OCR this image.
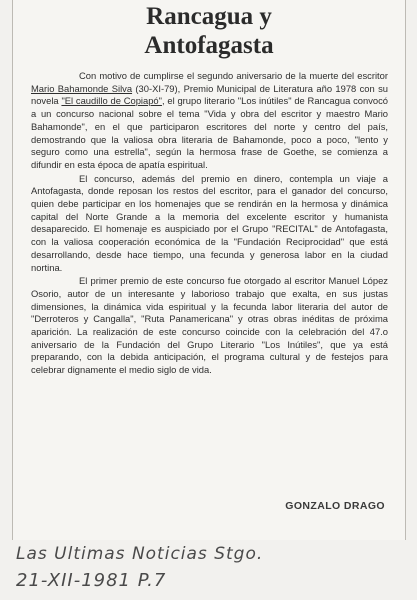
Rancagua y
Antofagasta

Con motivo de cumplirse el segundo aniversario de la muerte del escritor Mario Bahamonde Silva (30-XI-79), Premio Municipal de Literatura año 1978 con su novela "El caudillo de Copiapó", el grupo literario "Los inútiles" de Rancagua convocó a un concurso nacional sobre el tema "Vida y obra del escritor y maestro Mario Bahamonde", en el que participaron escritores del norte y centro del país, demostrando que la valiosa obra literaria de Bahamonde, poco a poco, "lento y seguro como una estrella", según la hermosa frase de Goethe, se comienza a difundir en esta época de apatía espiritual.

El concurso, además del premio en dinero, contempla un viaje a Antofagasta, donde reposan los restos del escritor, para el ganador del concurso, quien debe participar en los homenajes que se rendirán en la hermosa y dinámica capital del Norte Grande a la memoria del excelente escritor y humanista desaparecido. El homenaje es auspiciado por el Grupo "RECITAL" de Antofagasta, con la valiosa cooperación económica de la "Fundación Reciprocidad" que está desarrollando, desde hace tiempo, una fecunda y generosa labor en la ciudad nortina.

El primer premio de este concurso fue otorgado al escritor Manuel López Osorio, autor de un interesante y laborioso trabajo que exalta, en sus justas dimensiones, la dinámica vida espiritual y la fecunda labor literaria del autor de "Derroteros y Cangalla", "Ruta Panamericana" y otras obras inéditas de próxima aparición. La realización de este concurso coincide con la celebración del 47.o aniversario de la Fundación del Grupo Literario "Los Inútiles", que ya está preparando, con la debida anticipación, el programa cultural y de festejos para celebrar dignamente el medio siglo de vida.

GONZALO DRAGO
Las Ultimas Noticias Stgo.
21-XII-1981 P.7
